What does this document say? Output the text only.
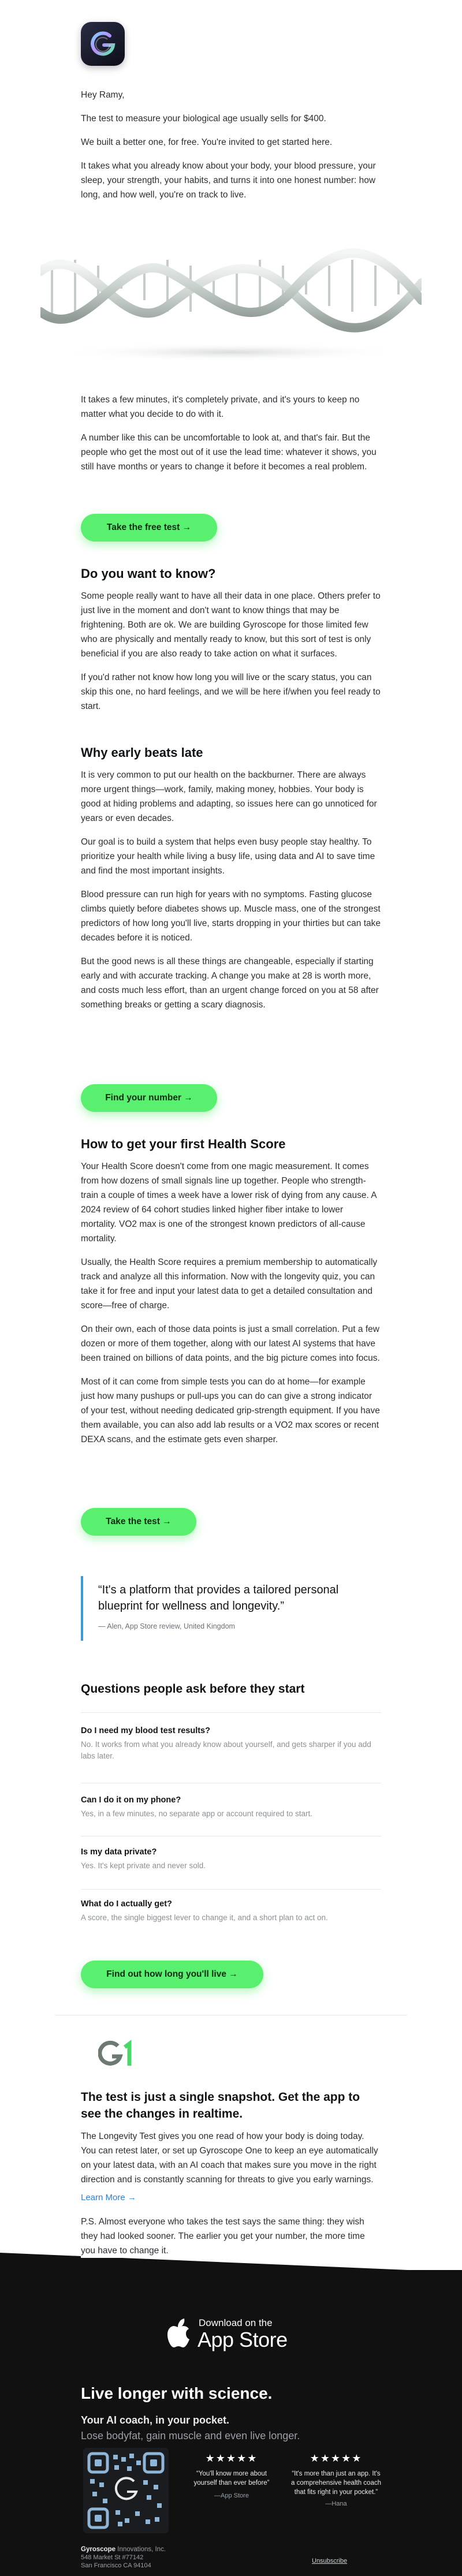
Hey Ramy,

The test to measure your biological age usually sells for $400.

We built a better one, for free. You're invited to get started here.

It takes what you already know about your body, your blood pressure, your sleep, your strength, your habits, and turns it into one honest number: how long, and how well, you're on track to live.

It takes a few minutes, it's completely private, and it's yours to keep no matter what you decide to do with it.

A number like this can be uncomfortable to look at, and that's fair. But the people who get the most out of it use the lead time: whatever it shows, you still have months or years to change it before it becomes a real problem.

Take the free test →
Do you want to know?

Some people really want to have all their data in one place. Others prefer to just live in the moment and don't want to know things that may be frightening. Both are ok. We are building Gyroscope for those limited few who are physically and mentally ready to know, but this sort of test is only beneficial if you are also ready to take action on what it surfaces.

If you'd rather not know how long you will live or the scary status, you can skip this one, no hard feelings, and we will be here if/when you feel ready to start.

Why early beats late

It is very common to put our health on the backburner. There are always more urgent things—work, family, making money, hobbies. Your body is good at hiding problems and adapting, so issues here can go unnoticed for years or even decades.

Our goal is to build a system that helps even busy people stay healthy. To prioritize your health while living a busy life, using data and AI to save time and find the most important insights.

Blood pressure can run high for years with no symptoms. Fasting glucose climbs quietly before diabetes shows up. Muscle mass, one of the strongest predictors of how long you'll live, starts dropping in your thirties but can take decades before it is noticed.

But the good news is all these things are changeable, especially if starting early and with accurate tracking. A change you make at 28 is worth more, and costs much less effort, than an urgent change forced on you at 58 after something breaks or getting a scary diagnosis.

Find your number →
How to get your first Health Score

Your Health Score doesn't come from one magic measurement. It comes from how dozens of small signals line up together. People who strength-train a couple of times a week have a lower risk of dying from any cause. A 2024 review of 64 cohort studies linked higher fiber intake to lower mortality. VO2 max is one of the strongest known predictors of all-cause mortality.

Usually, the Health Score requires a premium membership to automatically track and analyze all this information. Now with the longevity quiz, you can take it for free and input your latest data to get a detailed consultation and score—free of charge.

On their own, each of those data points is just a small correlation. Put a few dozen or more of them together, along with our latest AI systems that have been trained on billions of data points, and the big picture comes into focus.

Most of it can come from simple tests you can do at home—for example just how many pushups or pull-ups you can do can give a strong indicator of your test, without needing dedicated grip-strength equipment. If you have them available, you can also add lab results or a VO2 max scores or recent DEXA scans, and the estimate gets even sharper.

Take the test →

“It's a platform that provides a tailored personal blueprint for wellness and longevity.”

— Alen, App Store review, United Kingdom

Questions people ask before they start

Do I need my blood test results?

No. It works from what you already know about yourself, and gets sharper if you add labs later.

Can I do it on my phone?

Yes, in a few minutes, no separate app or account required to start.

Is my data private?

Yes. It's kept private and never sold.

What do I actually get?

A score, the single biggest lever to change it, and a short plan to act on.

Find out how long you'll live →
The test is just a single snapshot. Get the app to see the changes in realtime.

The Longevity Test gives you one read of how your body is doing today. You can retest later, or set up Gyroscope One to keep an eye automatically on your latest data, with an AI coach that makes sure you move in the right direction and is constantly scanning for threats to give you early warnings.

Learn More →

P.S. Almost everyone who takes the test says the same thing: they wish they had looked sooner. The earlier you get your number, the more time you have to change it.

Download on the
App Store
Live longer with science.
Your AI coach, in your pocket.
Lose bodyfat, gain muscle and even live longer.
★★★★★
“You'll know more about yourself than ever before”
—App Store
★★★★★
“It's more than just an app. It's a comprehensive health coach that fits right in your pocket.”
—Hana
Gyroscope Innovations, Inc.
548 Market St #77142
San Francisco CA 94104
Unsubscribe
